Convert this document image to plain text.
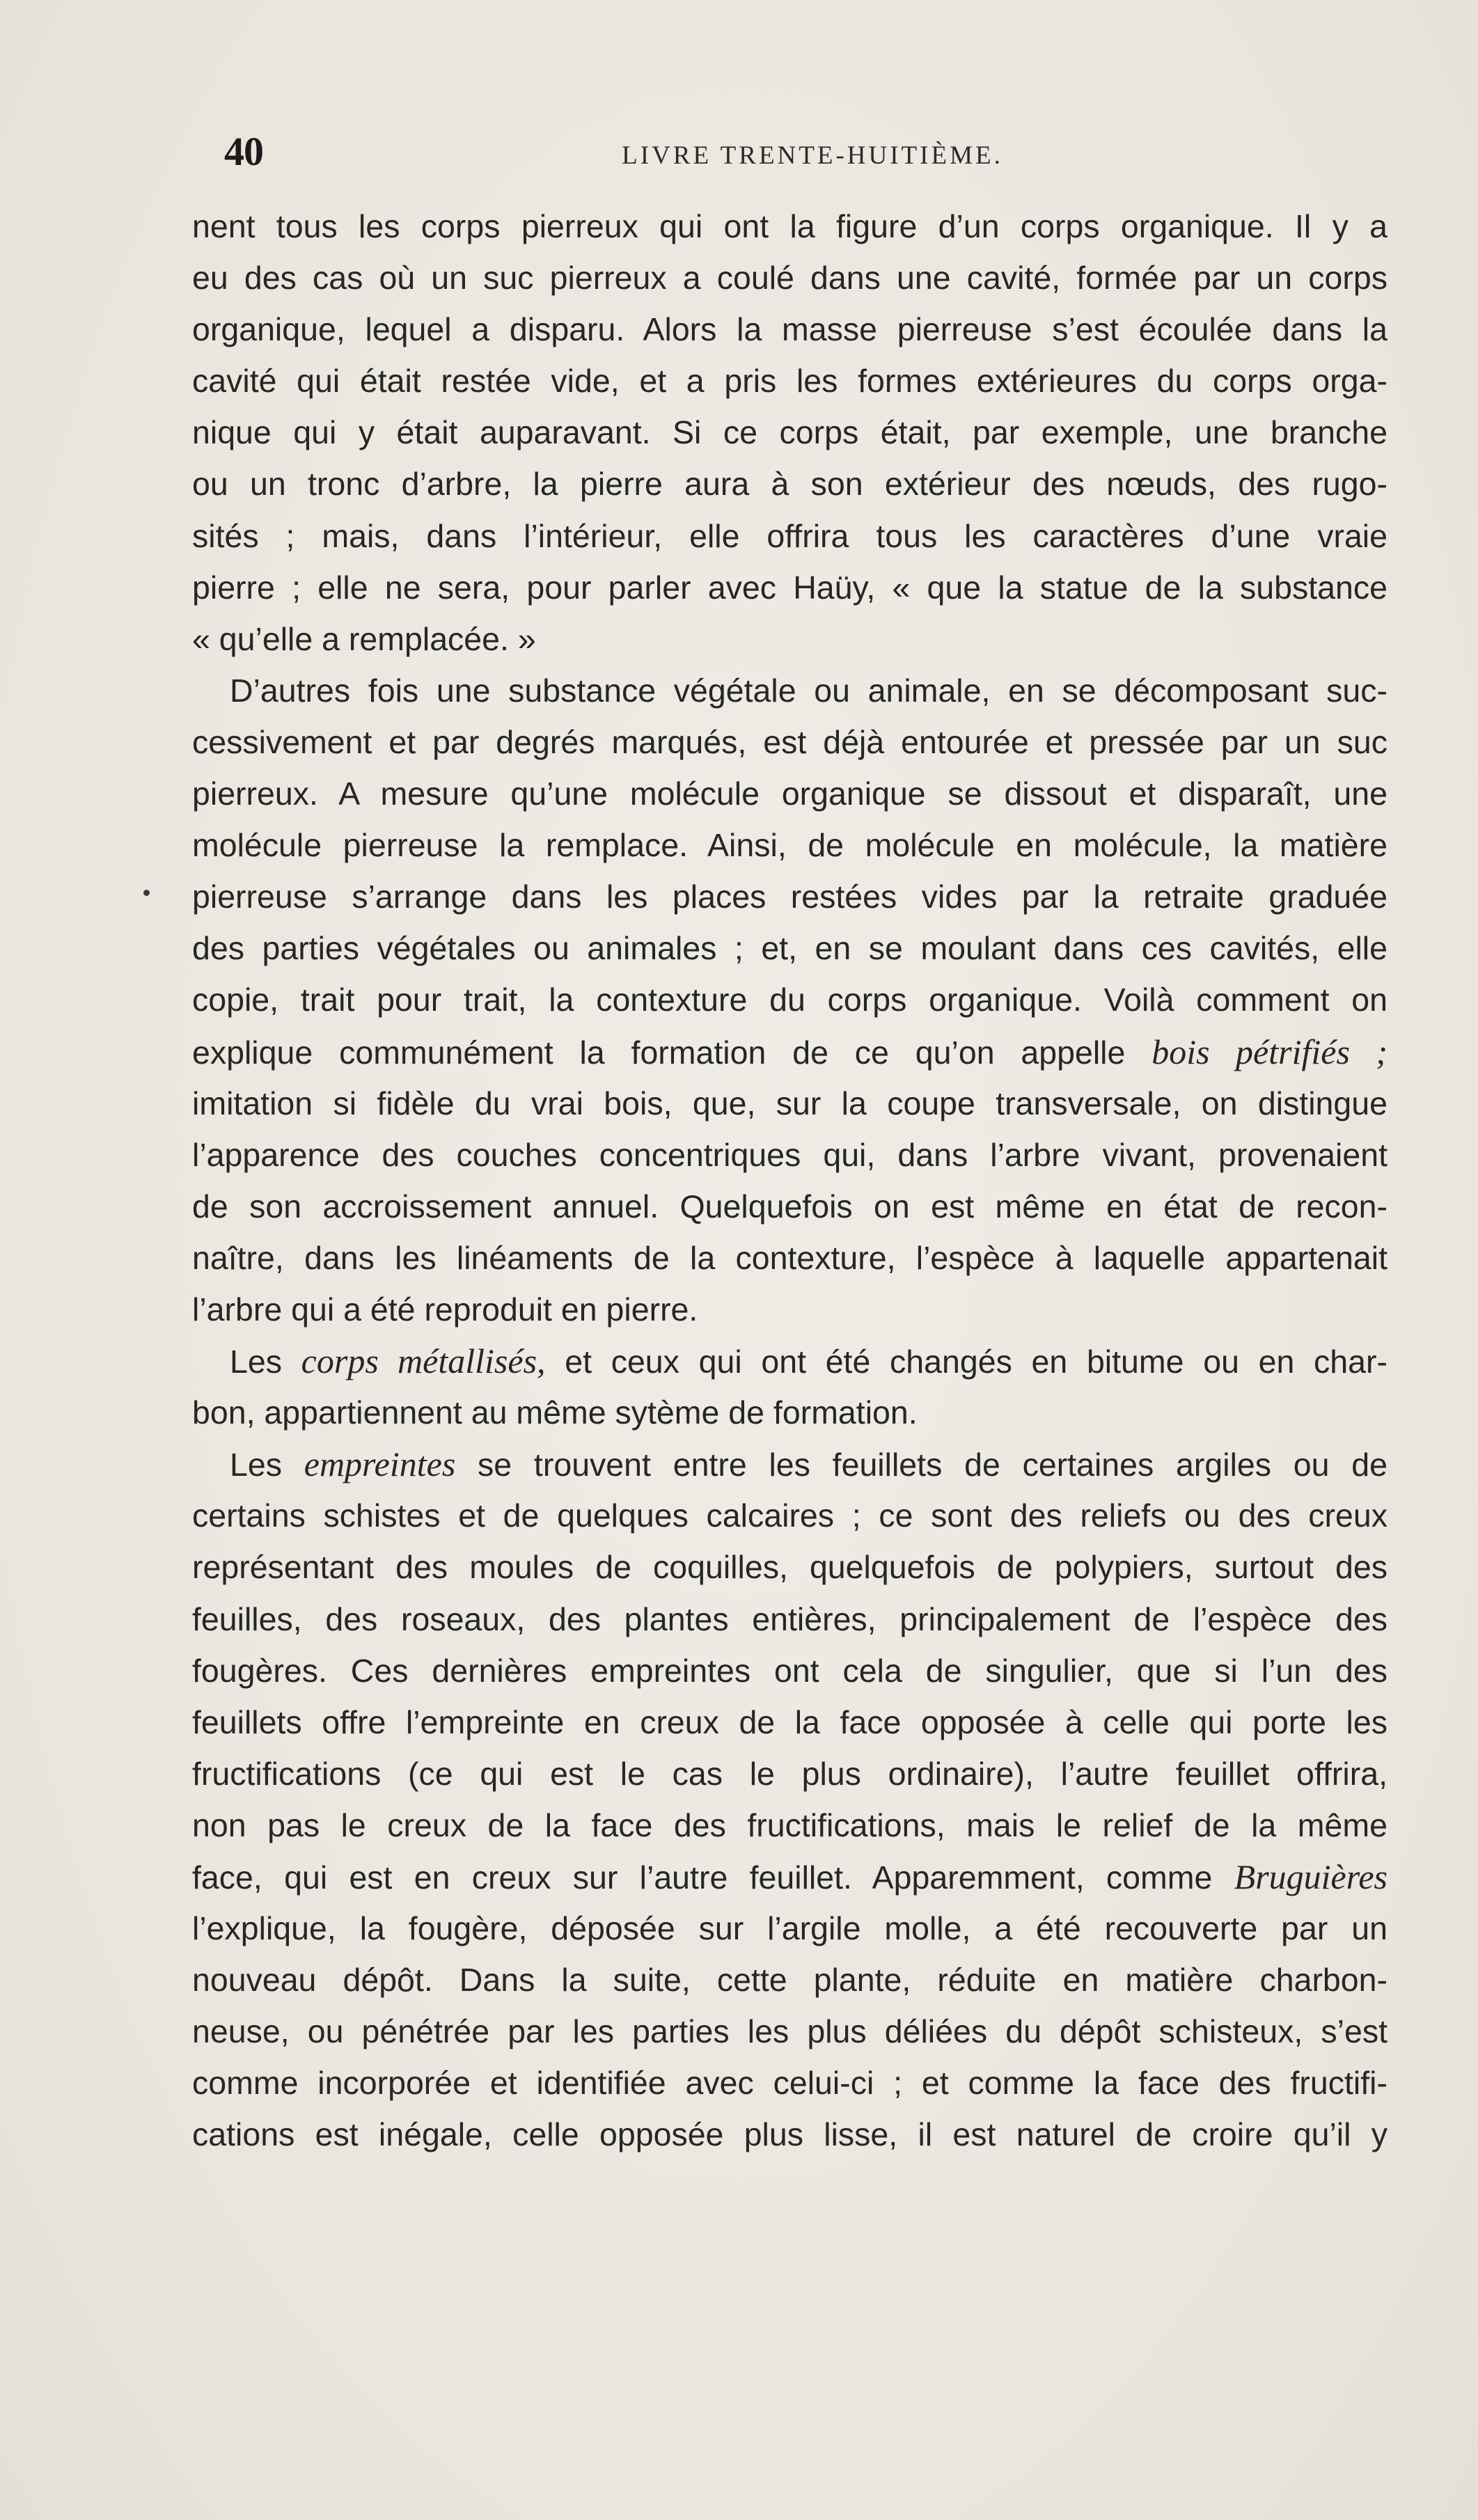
40	LIVRE TRENTE-HUITIÈME.
nent tous les corps pierreux qui ont la figure d’un corps organique. Il y a
eu des cas où un suc pierreux a coulé dans une cavité, formée par un corps
organique, lequel a disparu. Alors la masse pierreuse s’est écoulée dans la
cavité qui était restée vide, et a pris les formes extérieures du corps orga-
nique qui y était auparavant. Si ce corps était, par exemple, une branche
ou un tronc d’arbre, la pierre aura à son extérieur des nœuds, des rugo-
sités ; mais, dans l’intérieur, elle offrira tous les caractères d’une vraie
pierre ; elle ne sera, pour parler avec Haüy, « que la statue de la substance
« qu’elle a remplacée. »
D’autres fois une substance végétale ou animale, en se décomposant suc-
cessivement et par degrés marqués, est déjà entourée et pressée par un suc
pierreux. A mesure qu’une molécule organique se dissout et disparaît, une
molécule pierreuse la remplace. Ainsi, de molécule en molécule, la matière
pierreuse s’arrange dans les places restées vides par la retraite graduée
des parties végétales ou animales ; et, en se moulant dans ces cavités, elle
copie, trait pour trait, la contexture du corps organique. Voilà comment on
explique communément la formation de ce qu’on appelle bois pétrifiés ;
imitation si fidèle du vrai bois, que, sur la coupe transversale, on distingue
l’apparence des couches concentriques qui, dans l’arbre vivant, provenaient
de son accroissement annuel. Quelquefois on est même en état de recon-
naître, dans les linéaments de la contexture, l’espèce à laquelle appartenait
l’arbre qui a été reproduit en pierre.
Les corps métallisés, et ceux qui ont été changés en bitume ou en char-
bon, appartiennent au même sytème de formation.
Les empreintes se trouvent entre les feuillets de certaines argiles ou de
certains schistes et de quelques calcaires ; ce sont des reliefs ou des creux
représentant des moules de coquilles, quelquefois de polypiers, surtout des
feuilles, des roseaux, des plantes entières, principalement de l’espèce des
fougères. Ces dernières empreintes ont cela de singulier, que si l’un des
feuillets offre l’empreinte en creux de la face opposée à celle qui porte les
fructifications (ce qui est le cas le plus ordinaire), l’autre feuillet offrira,
non pas le creux de la face des fructifications, mais le relief de la même
face, qui est en creux sur l’autre feuillet. Apparemment, comme Bruguières
l’explique, la fougère, déposée sur l’argile molle, a été recouverte par un
nouveau dépôt. Dans la suite, cette plante, réduite en matière charbon-
neuse, ou pénétrée par les parties les plus déliées du dépôt schisteux, s’est
comme incorporée et identifiée avec celui-ci ; et comme la face des fructifi-
cations est inégale, celle opposée plus lisse, il est naturel de croire qu’il y
